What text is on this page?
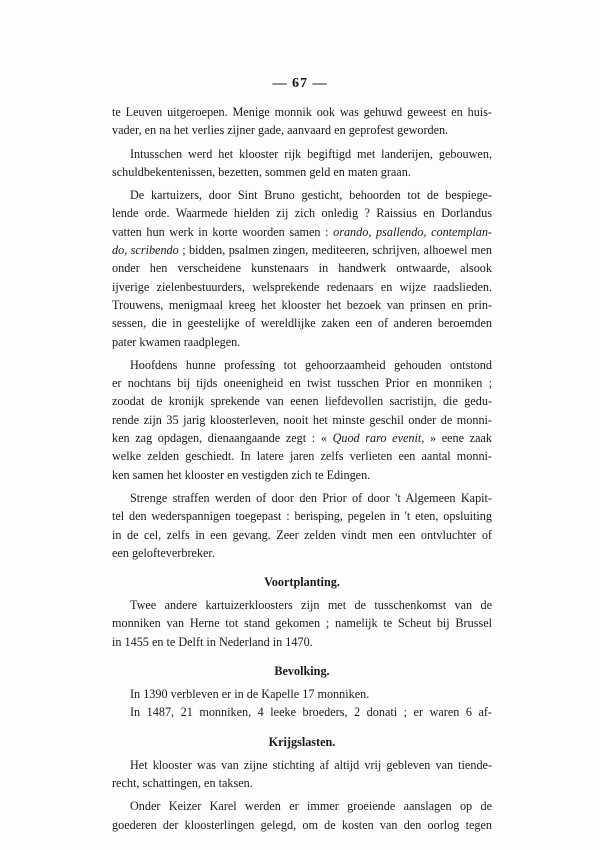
— 67 —
te Leuven uitgeroepen. Menige monnik ook was gehuwd geweest en huis-
vader, en na het verlies zijner gade, aanvaard en geprofest geworden.
Intusschen werd het klooster rijk begiftigd met landerijen, gebouwen,
schuldbekentenissen, bezetten, sommen geld en maten graan.
De kartuizers, door Sint Bruno gesticht, behoorden tot de bespiege-
lende orde. Waarmede hielden zij zich onledig ? Raissius en Dorlandus
vatten hun werk in korte woorden samen : orando, psallendo, contemplan-
do, scribendo ; bidden, psalmen zingen, mediteeren, schrijven, alhoewel men
onder hen verscheidene kunstenaars in handwerk ontwaarde, alsook
ijverige zielenbestuurders, welsprekende redenaars en wijze raadslieden.
Trouwens, menigmaal kreeg het klooster het bezoek van prinsen en prin-
sessen, die in geestelijke of wereldlijke zaken een of anderen beroemden
pater kwamen raadplegen.
Hoofdens hunne professing tot gehoorzaamheid gehouden ontstond
er nochtans bij tijds oneenigheid en twist tusschen Prior en monniken ;
zoodat de kronijk sprekende van eenen liefdevollen sacristijn, die gedu-
rende zijn 35 jarig kloosterleven, nooit het minste geschil onder de monni-
ken zag opdagen, dienaangaande zegt : « Quod raro evenit, » eene zaak
welke zelden geschiedt. In latere jaren zelfs verlieten een aantal monni-
ken samen het klooster en vestigden zich te Edingen.
Strenge straffen werden of door den Prior of door 't Algemeen Kapit-
tel den wederspannigen toegepast : berisping, pegelen in 't eten, opsluiting
in de cel, zelfs in een gevang. Zeer zelden vindt men een ontvluchter of
een gelofteverbreker.
Voortplanting.
Twee andere kartuizerkloosters zijn met de tusschenkomst van de
monniken van Herne tot stand gekomen ; namelijk te Scheut bij Brussel
in 1455 en te Delft in Nederland in 1470.
Bevolking.
In 1390 verbleven er in de Kapelle 17 monniken.
In 1487, 21 monniken, 4 leeke broeders, 2 donati ; er waren 6 af-
Krijgslasten.
Het klooster was van zijne stichting af altijd vrij gebleven van tiende-
recht, schattingen, en taksen.
Onder Keizer Karel werden er immer groeiende aanslagen op de
goederen der kloosterlingen gelegd, om de kosten van den oorlog tegen
